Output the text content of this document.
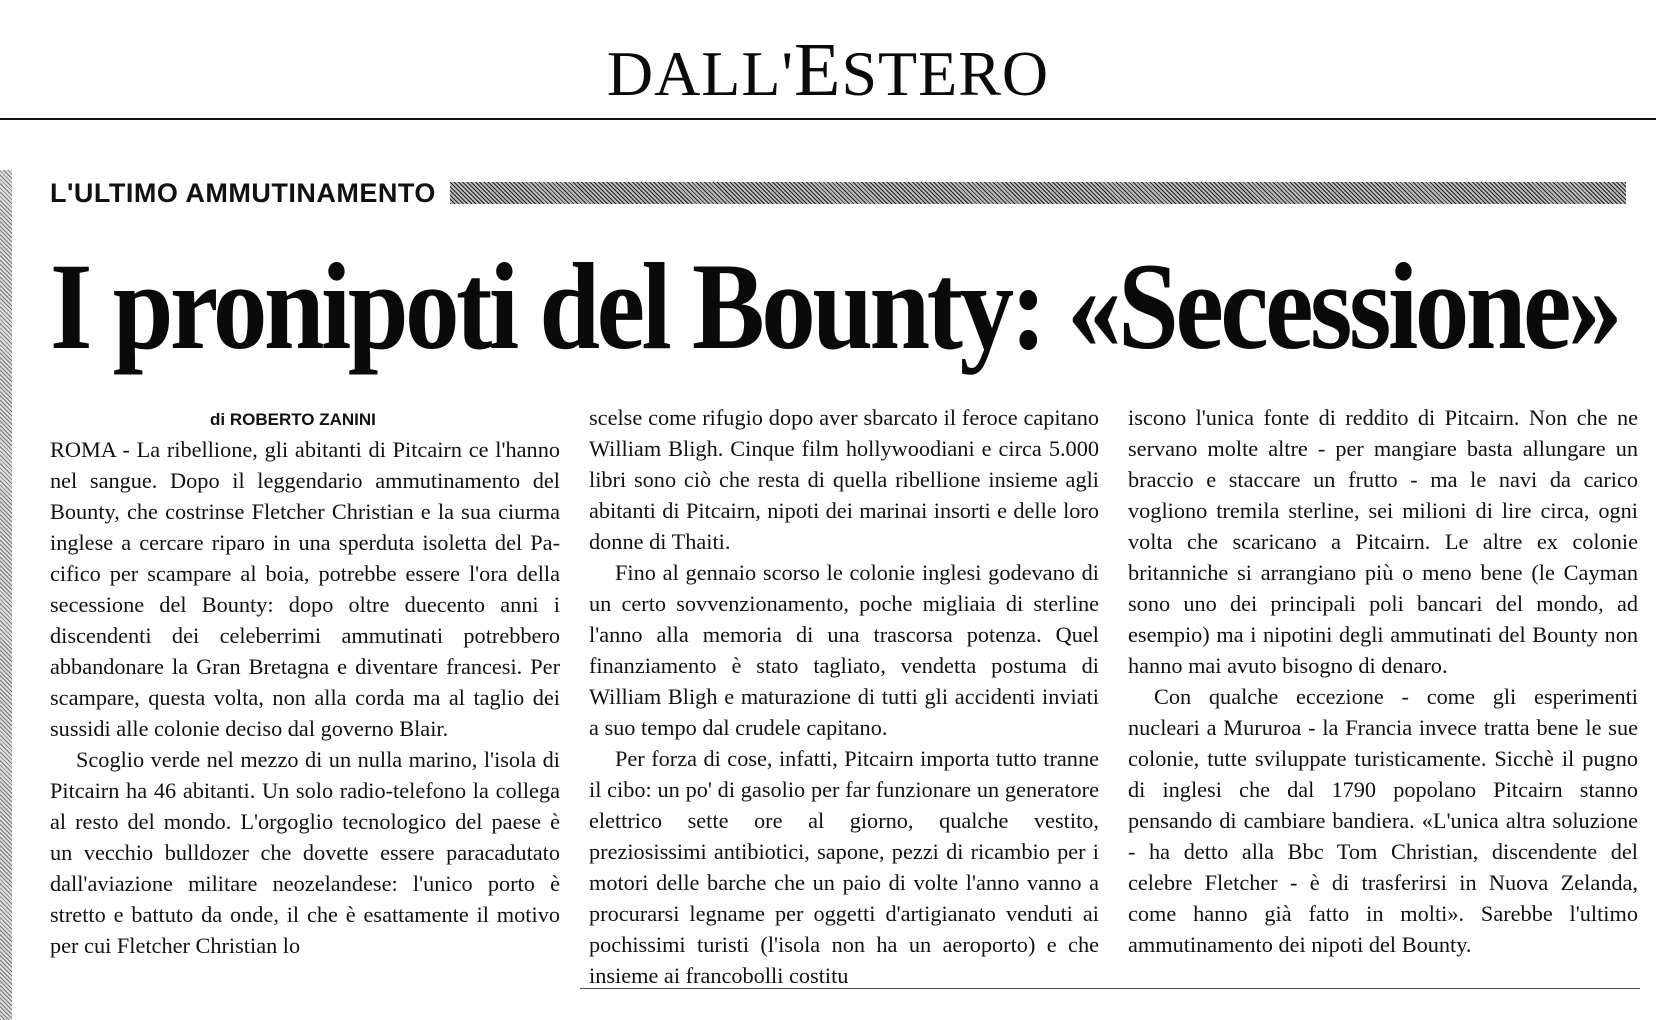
DALL'ESTERO
L'ULTIMO AMMUTINAMENTO
I pronipoti del Bounty: «Secessione»
di ROBERTO ZANINI

ROMA - La ribellione, gli abitanti di Pitcairn ce l'hanno nel sangue. Dopo il leggendario ammutinamento del Bounty, che costrinse Fletcher Christian e la sua ciurma inglese a cercare riparo in una sperduta isoletta del Pacifico per scampare al boia, potrebbe essere l'ora della secessione del Bounty: dopo oltre duecento anni i discendenti dei celeberrimi ammutinati potrebbero abbandonare la Gran Bretagna e diventare francesi. Per scampare, questa volta, non alla corda ma al taglio dei sussidi alle colonie deciso dal governo Blair.

Scoglio verde nel mezzo di un nulla marino, l'isola di Pitcairn ha 46 abitanti. Un solo radio-telefono la collega al resto del mondo. L'orgoglio tecnologico del paese è un vecchio bulldozer che dovette essere paracadutato dall'aviazione militare neozelandese: l'unico porto è stretto e battuto da onde, il che è esattamente il motivo per cui Fletcher Christian lo

scelse come rifugio dopo aver sbarcato il feroce capitano William Bligh. Cinque film hollywoodiani e circa 5.000 libri sono ciò che resta di quella ribellione insieme agli abitanti di Pitcairn, nipoti dei marinai insorti e delle loro donne di Thaiti.

Fino al gennaio scorso le colonie inglesi godevano di un certo sovvenzionamento, poche migliaia di sterline l'anno alla memoria di una trascorsa potenza. Quel finanziamento è stato tagliato, vendetta postuma di William Bligh e maturazione di tutti gli accidenti inviati a suo tempo dal crudele capitano.

Per forza di cose, infatti, Pitcairn importa tutto tranne il cibo: un po' di gasolio per far funzionare un generatore elettrico sette ore al giorno, qualche vestito, preziosissimi antibiotici, sapone, pezzi di ricambio per i motori delle barche che un paio di volte l'anno vanno a procurarsi legname per oggetti d'artigianato venduti ai pochissimi turisti (l'isola non ha un aeroporto) e che insieme ai francobolli costitu

iscono l'unica fonte di reddito di Pitcairn. Non che ne servano molte altre - per mangiare basta allungare un braccio e staccare un frutto - ma le navi da carico vogliono tremila sterline, sei milioni di lire circa, ogni volta che scaricano a Pitcairn. Le altre ex colonie britanniche si arrangiano più o meno bene (le Cayman sono uno dei principali poli bancari del mondo, ad esempio) ma i nipotini degli ammutinati del Bounty non hanno mai avuto bisogno di denaro.

Con qualche eccezione - come gli esperimenti nucleari a Mururoa - la Francia invece tratta bene le sue colonie, tutte sviluppate turisticamente. Sicchè il pugno di inglesi che dal 1790 popolano Pitcairn stanno pensando di cambiare bandiera. «L'unica altra soluzione - ha detto alla Bbc Tom Christian, discendente del celebre Fletcher - è di trasferirsi in Nuova Zelanda, come hanno già fatto in molti». Sarebbe l'ultimo ammutinamento dei nipoti del Bounty.
